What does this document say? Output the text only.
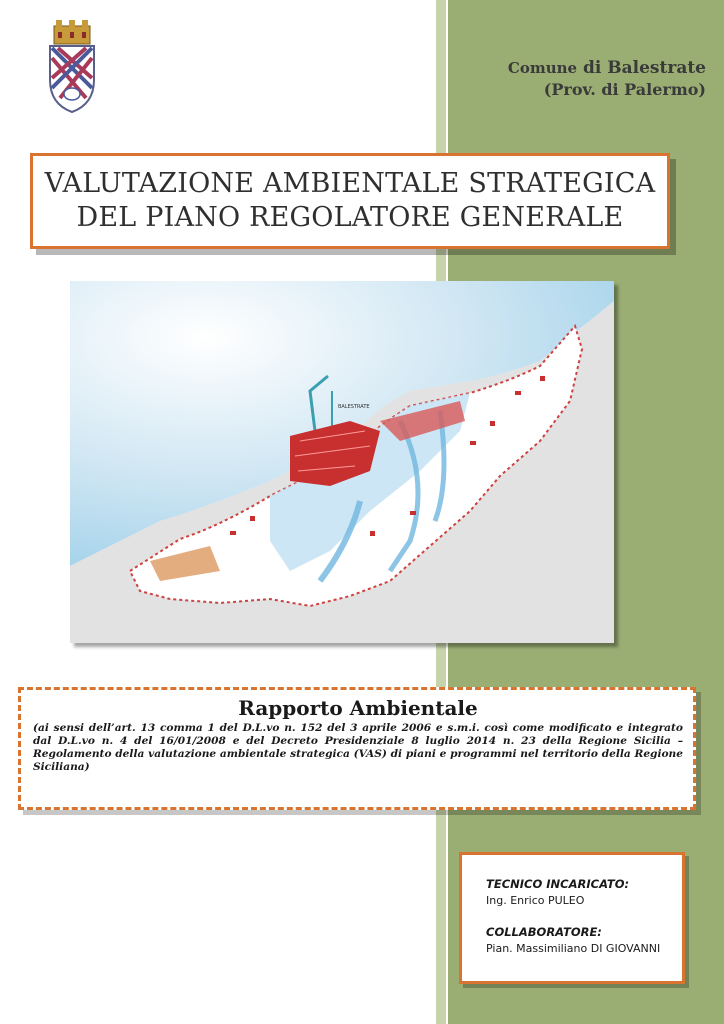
Comune di Balestrate
(Prov. di Palermo)
VALUTAZIONE AMBIENTALE STRATEGICA
DEL PIANO REGOLATORE GENERALE
BALESTRATE
Rapporto Ambientale
(ai sensi dell’art. 13 comma 1 del D.L.vo n. 152 del 3 aprile 2006 e s.m.i. così come modificato e integrato dal D.L.vo n. 4 del 16/01/2008 e del Decreto Presidenziale 8 luglio 2014 n. 23 della Regione Sicilia – Regolamento della valutazione ambientale strategica (VAS) di piani e programmi nel territorio della Regione Siciliana)
TECNICO INCARICATO:
Ing. Enrico PULEO
COLLABORATORE:
Pian. Massimiliano DI GIOVANNI
